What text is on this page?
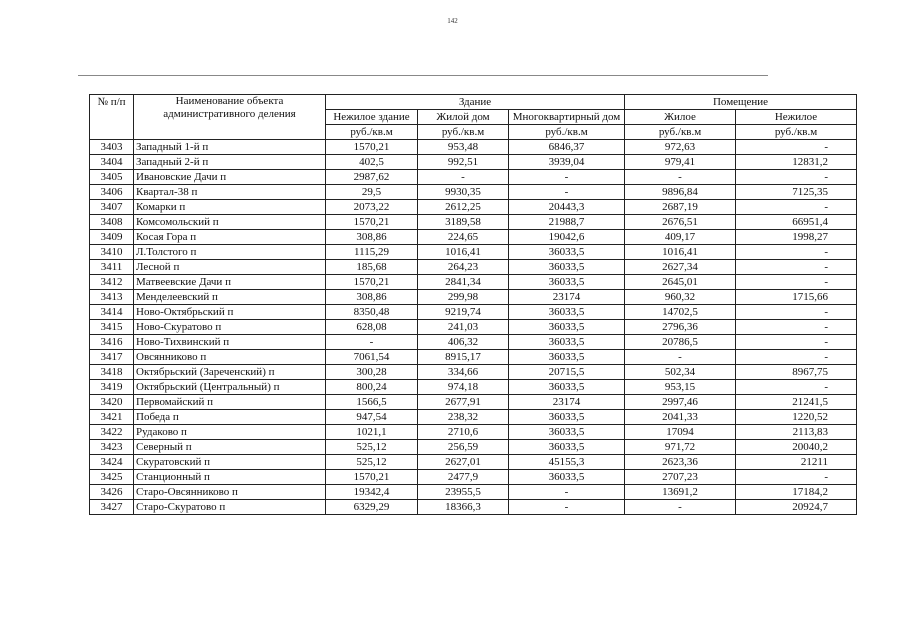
142
№ п/п	Наименование объекта административного деления	Здание			Помещение	
		Нежилое здание	Жилой дом	Многоквартирный дом	Жилое	Нежилое
		руб./кв.м	руб./кв.м	руб./кв.м	руб./кв.м	руб./кв.м
3403	Западный 1-й п	1570,21	953,48	6846,37	972,63	-
3404	Западный 2-й п	402,5	992,51	3939,04	979,41	12831,2
3405	Ивановские Дачи п	2987,62	-	-	-	-
3406	Квартал-38 п	29,5	9930,35	-	9896,84	7125,35
3407	Комарки п	2073,22	2612,25	20443,3	2687,19	-
3408	Комсомольский п	1570,21	3189,58	21988,7	2676,51	66951,4
3409	Косая Гора п	308,86	224,65	19042,6	409,17	1998,27
3410	Л.Толстого п	1115,29	1016,41	36033,5	1016,41	-
3411	Лесной п	185,68	264,23	36033,5	2627,34	-
3412	Матвеевские Дачи п	1570,21	2841,34	36033,5	2645,01	-
3413	Менделеевский п	308,86	299,98	23174	960,32	1715,66
3414	Ново-Октябрьский п	8350,48	9219,74	36033,5	14702,5	-
3415	Ново-Скуратово п	628,08	241,03	36033,5	2796,36	-
3416	Ново-Тихвинский п	-	406,32	36033,5	20786,5	-
3417	Овсянниково п	7061,54	8915,17	36033,5	-	-
3418	Октябрьский (Зареченский) п	300,28	334,66	20715,5	502,34	8967,75
3419	Октябрьский (Центральный) п	800,24	974,18	36033,5	953,15	-
3420	Первомайский п	1566,5	2677,91	23174	2997,46	21241,5
3421	Победа п	947,54	238,32	36033,5	2041,33	1220,52
3422	Рудаково п	1021,1	2710,6	36033,5	17094	2113,83
3423	Северный п	525,12	256,59	36033,5	971,72	20040,2
3424	Скуратовский п	525,12	2627,01	45155,3	2623,36	21211
3425	Станционный п	1570,21	2477,9	36033,5	2707,23	-
3426	Старо-Овсянниково п	19342,4	23955,5	-	13691,2	17184,2
3427	Старо-Скуратово п	6329,29	18366,3	-	-	20924,7
